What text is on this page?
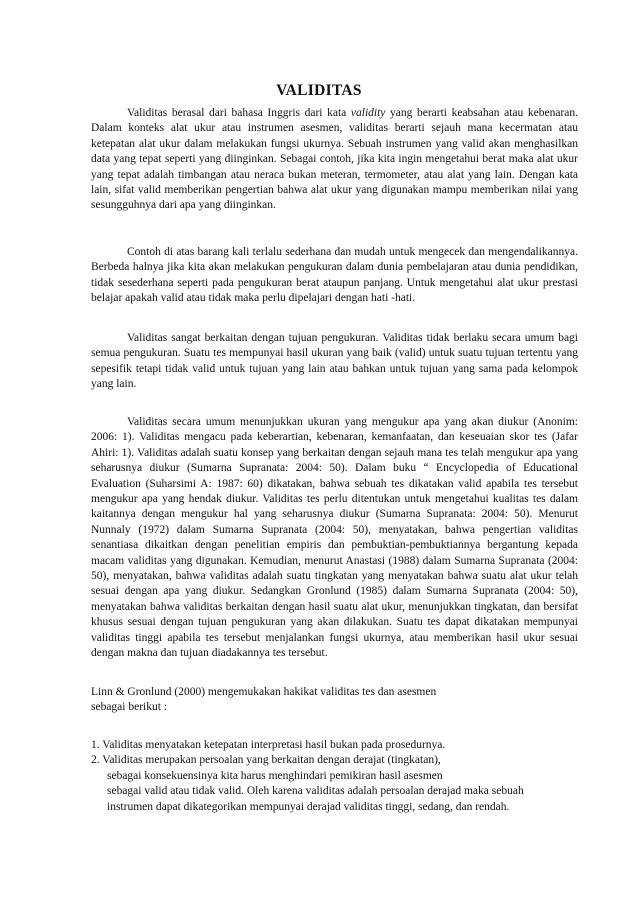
VALIDITAS

Validitas berasal dari bahasa Inggris dari kata validity yang berarti keabsahan atau kebenaran. Dalam konteks alat ukur atau instrumen asesmen, validitas berarti sejauh mana kecermatan atau ketepatan alat ukur dalam melakukan fungsi ukurnya. Sebuah instrumen yang valid akan menghasilkan data yang tepat seperti yang diinginkan. Sebagai contoh, jika kita ingin mengetahui berat maka alat ukur yang tepat adalah timbangan atau neraca bukan meteran, termometer, atau alat yang lain. Dengan kata lain, sifat valid memberikan pengertian bahwa alat ukur yang digunakan mampu memberikan nilai yang sesungguhnya dari apa yang diinginkan.

Contoh di atas barang kali terlalu sederhana dan mudah untuk mengecek dan mengendalikannya. Berbeda halnya jika kita akan melakukan pengukuran dalam dunia pembelajaran atau dunia pendidikan, tidak sesederhana seperti pada pengukuran berat ataupun panjang. Untuk mengetahui alat ukur prestasi belajar apakah valid atau tidak maka perlu dipelajari dengan hati -hati.

Validitas sangat berkaitan dengan tujuan pengukuran. Validitas tidak berlaku secara umum bagi semua pengukuran. Suatu tes mempunyai hasil ukuran yang baik (valid) untuk suatu tujuan tertentu yang sepesifik tetapi tidak valid untuk tujuan yang lain atau bahkan untuk tujuan yang sama pada kelompok yang lain.

Validitas secara umum menunjukkan ukuran yang mengukur apa yang akan diukur (Anonim: 2006: 1). Validitas mengacu pada keberartian, kebenaran, kemanfaatan, dan keseuaian skor tes (Jafar Ahiri: 1). Validitas adalah suatu konsep yang berkaitan dengan sejauh mana tes telah mengukur apa yang seharusnya diukur (Sumarna Supranata: 2004: 50). Dalam buku “ Encyclopedia of Educational Evaluation (Suharsimi A: 1987: 60) dikatakan, bahwa sebuah tes dikatakan valid apabila tes tersebut mengukur apa yang hendak diukur. Validitas tes perlu ditentukan untuk mengetahui kualitas tes dalam kaitannya dengan mengukur hal yang seharusnya diukur (Sumarna Supranata: 2004: 50). Menurut Nunnaly (1972) dalam Sumarna Supranata (2004: 50), menyatakan, bahwa pengertian validitas senantiasa dikaitkan dengan penelitian empiris dan pembuktian-pembuktiannya bergantung kepada macam validitas yang digunakan. Kemudian, menurut Anastasi (1988) dalam Sumarna Supranata (2004: 50), menyatakan, bahwa validitas adalah suatu tingkatan yang menyatakan bahwa suatu alat ukur telah sesuai dengan apa yang diukur. Sedangkan Gronlund (1985) dalam Sumarna Supranata (2004: 50), menyatakan bahwa validitas berkaitan dengan hasil suatu alat ukur, menunjukkan tingkatan, dan bersifat khusus sesuai dengan tujuan pengukuran yang akan dilakukan. Suatu tes dapat dikatakan mempunyai validitas tinggi apabila tes tersebut menjalankan fungsi ukurnya, atau memberikan hasil ukur sesuai dengan makna dan tujuan diadakannya tes tersebut.

Linn & Gronlund (2000) mengemukakan hakikat validitas tes dan asesmen
sebagai berikut :
1. Validitas menyatakan ketepatan interpretasi hasil bukan pada prosedurnya.
2. Validitas merupakan persoalan yang berkaitan dengan derajat (tingkatan),
sebagai konsekuensinya kita harus menghindari pemikiran hasil asesmen
sebagai valid atau tidak valid. Oleh karena validitas adalah persoalan derajad maka sebuah
instrumen dapat dikategorikan mempunyai derajad validitas tinggi, sedang, dan rendah.
